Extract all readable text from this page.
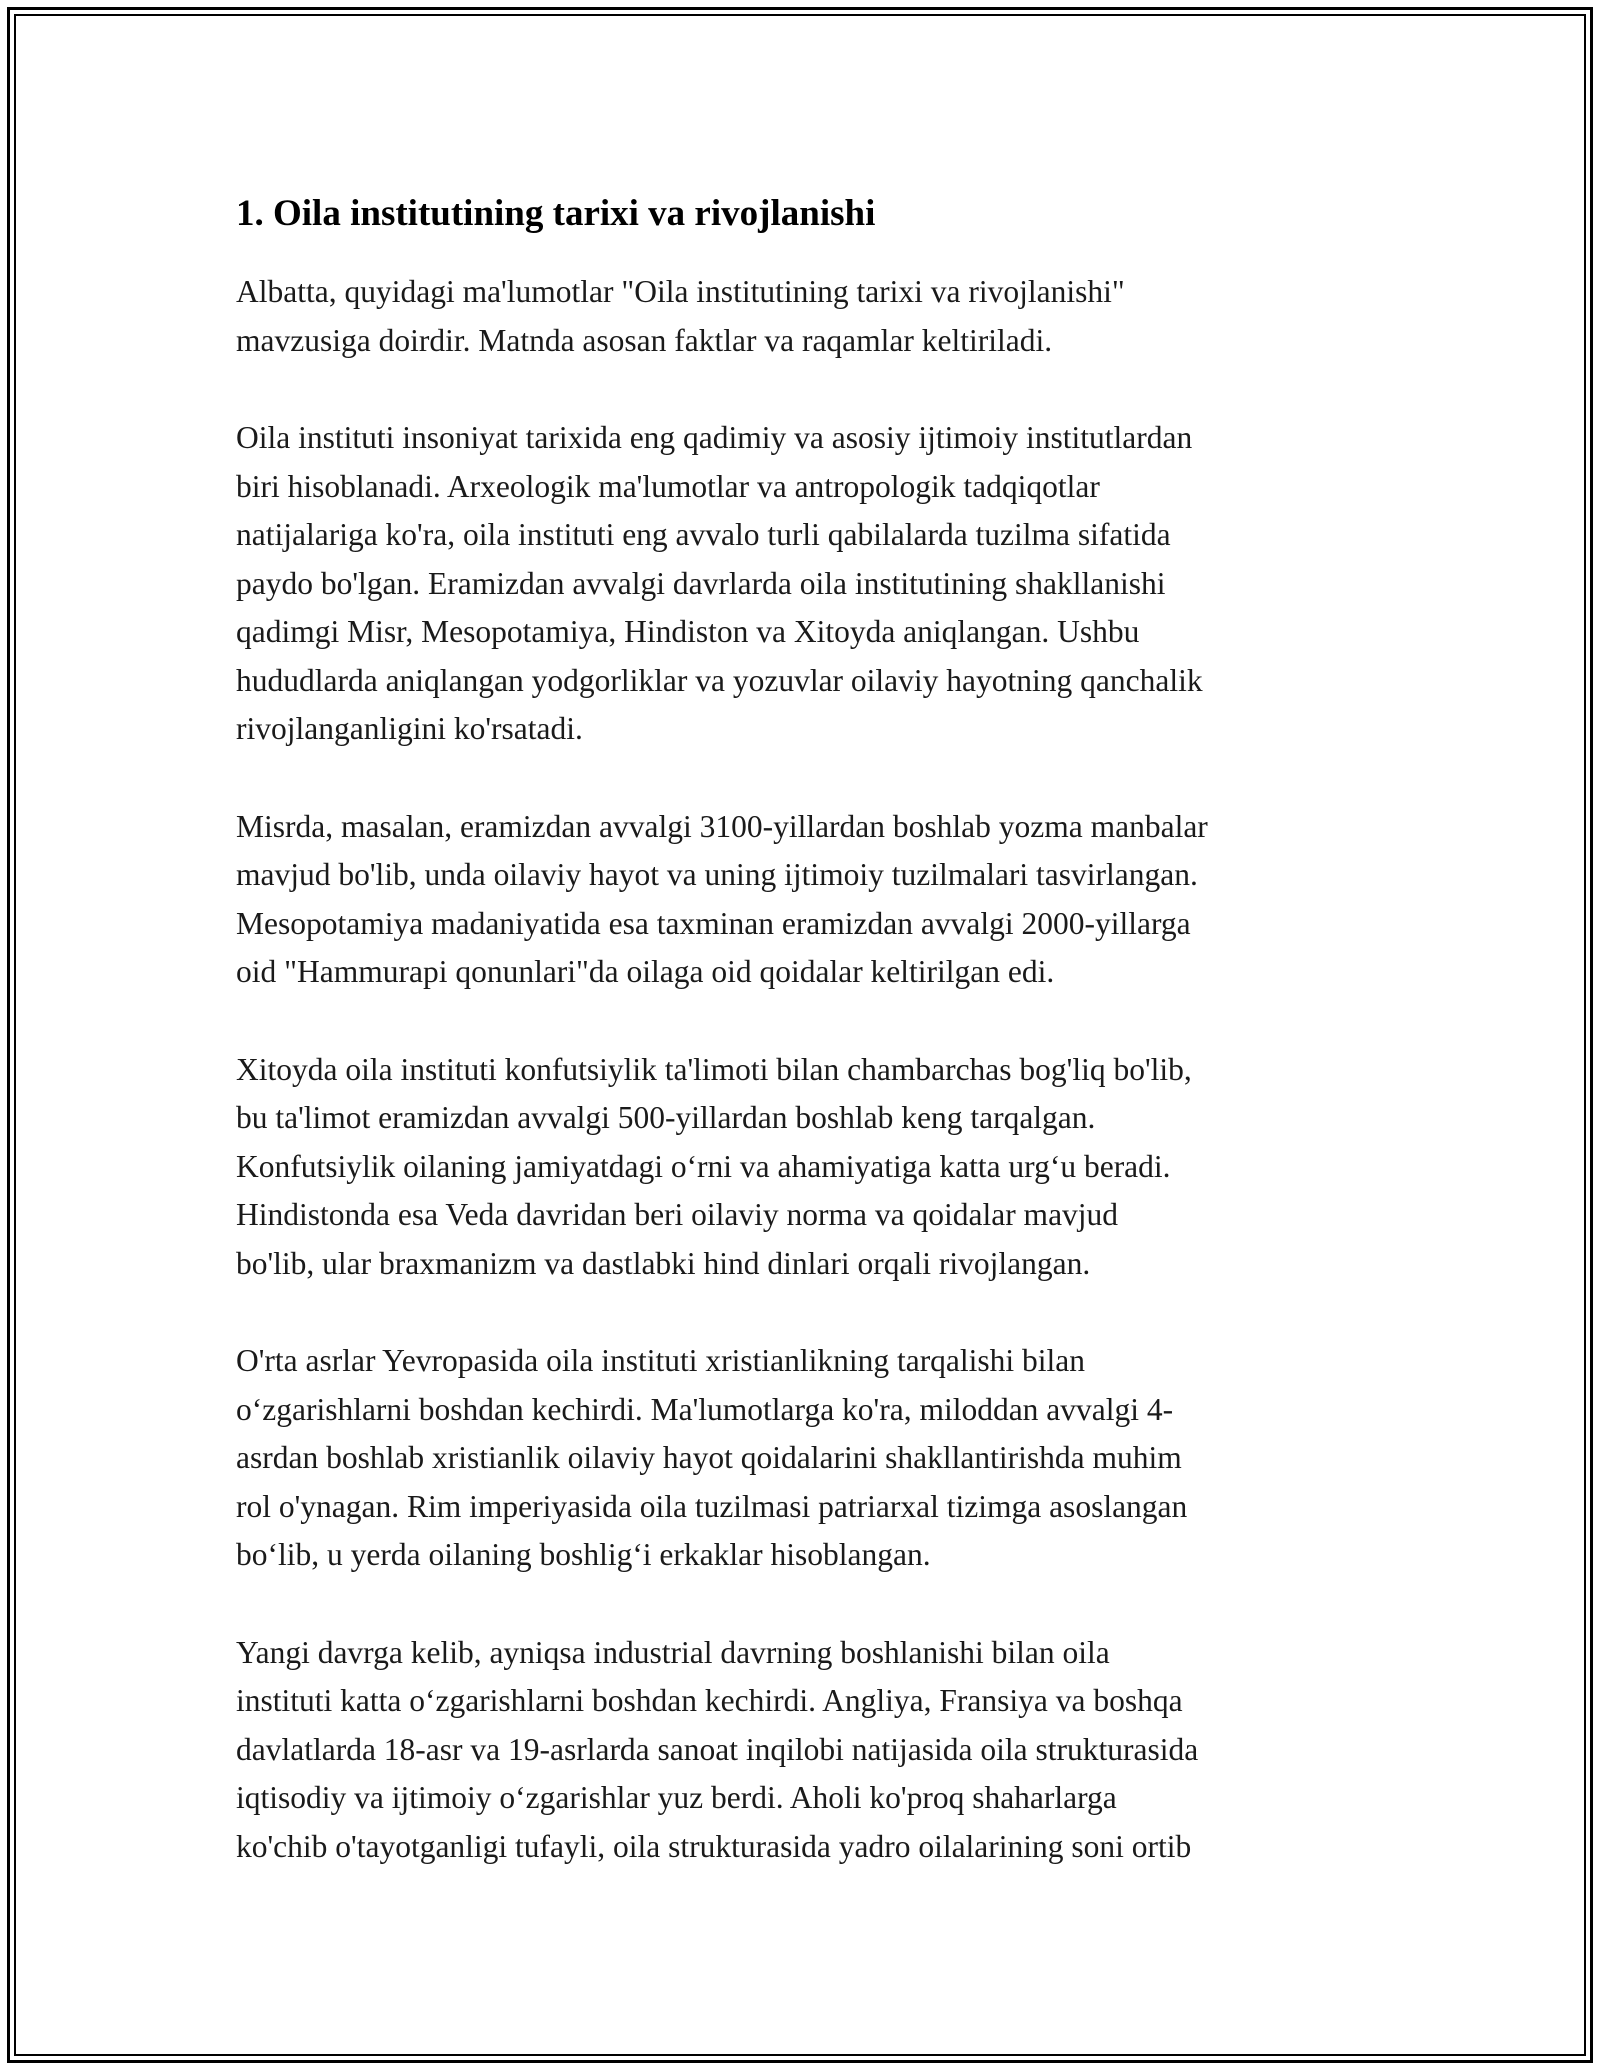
1. Oila institutining tarixi va rivojlanishi

Albatta, quyidagi ma'lumotlar "Oila institutining tarixi va rivojlanishi"
mavzusiga doirdir. Matnda asosan faktlar va raqamlar keltiriladi.

Oila instituti insoniyat tarixida eng qadimiy va asosiy ijtimoiy institutlardan
biri hisoblanadi. Arxeologik ma'lumotlar va antropologik tadqiqotlar
natijalariga ko'ra, oila instituti eng avvalo turli qabilalarda tuzilma sifatida
paydo bo'lgan. Eramizdan avvalgi davrlarda oila institutining shakllanishi
qadimgi Misr, Mesopotamiya, Hindiston va Xitoyda aniqlangan. Ushbu
hududlarda aniqlangan yodgorliklar va yozuvlar oilaviy hayotning qanchalik
rivojlanganligini ko'rsatadi.

Misrda, masalan, eramizdan avvalgi 3100-yillardan boshlab yozma manbalar
mavjud bo'lib, unda oilaviy hayot va uning ijtimoiy tuzilmalari tasvirlangan.
Mesopotamiya madaniyatida esa taxminan eramizdan avvalgi 2000-yillarga
oid "Hammurapi qonunlari"da oilaga oid qoidalar keltirilgan edi.

Xitoyda oila instituti konfutsiylik ta'limoti bilan chambarchas bog'liq bo'lib,
bu ta'limot eramizdan avvalgi 500-yillardan boshlab keng tarqalgan.
Konfutsiylik oilaning jamiyatdagi o‘rni va ahamiyatiga katta urg‘u beradi.
Hindistonda esa Veda davridan beri oilaviy norma va qoidalar mavjud
bo'lib, ular braxmanizm va dastlabki hind dinlari orqali rivojlangan.

O'rta asrlar Yevropasida oila instituti xristianlikning tarqalishi bilan
o‘zgarishlarni boshdan kechirdi. Ma'lumotlarga ko'ra, miloddan avvalgi 4-
asrdan boshlab xristianlik oilaviy hayot qoidalarini shakllantirishda muhim
rol o'ynagan. Rim imperiyasida oila tuzilmasi patriarxal tizimga asoslangan
bo‘lib, u yerda oilaning boshlig‘i erkaklar hisoblangan.

Yangi davrga kelib, ayniqsa industrial davrning boshlanishi bilan oila
instituti katta o‘zgarishlarni boshdan kechirdi. Angliya, Fransiya va boshqa
davlatlarda 18-asr va 19-asrlarda sanoat inqilobi natijasida oila strukturasida
iqtisodiy va ijtimoiy o‘zgarishlar yuz berdi. Aholi ko'proq shaharlarga
ko'chib o'tayotganligi tufayli, oila strukturasida yadro oilalarining soni ortib
